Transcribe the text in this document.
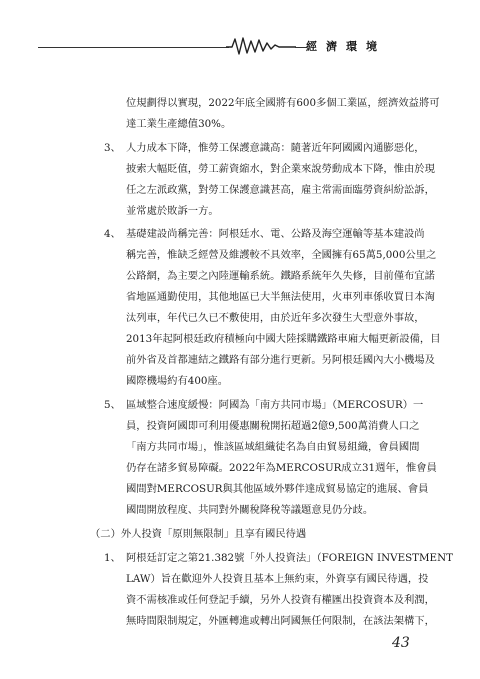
經濟環境
位規劃得以實現，2022年底全國將有600多個工業區，經濟效益將可
達工業生產總值30%。
3、 人力成本下降，惟勞工保護意識高：隨著近年阿國國內通膨惡化，
披索大幅貶值，勞工薪資縮水，對企業來說勞動成本下降，惟由於現
任之左派政黨，對勞工保護意識甚高，雇主常需面臨勞資糾紛訟訴，
並常處於敗訴一方。
4、 基礎建設尚稱完善：阿根廷水、電、公路及海空運輸等基本建設尚
稱完善，惟缺乏經營及維護較不具效率，全國擁有65萬5,000公里之
公路網，為主要之內陸運輸系統。鐵路系統年久失修，目前僅布宜諾
省地區通勤使用，其他地區已大半無法使用，火車列車係收買日本淘
汰列車，年代已久已不敷使用，由於近年多次發生大型意外事故，
2013年起阿根廷政府積極向中國大陸採購鐵路車廂大幅更新設備，目
前外省及首都連結之鐵路有部分進行更新。另阿根廷國內大小機場及
國際機場約有400座。
5、 區域整合速度緩慢：阿國為「南方共同市場」（MERCOSUR）一
員，投資阿國即可利用優惠關稅開拓超過2億9,500萬消費人口之
「南方共同市場」，惟該區域組織徒名為自由貿易組織，會員國間
仍存在諸多貿易障礙。2022年為MERCOSUR成立31週年，惟會員
國間對MERCOSUR與其他區域外夥伴達成貿易協定的進展、會員
國間開放程度、共同對外關稅降稅等議題意見仍分歧。
（二）外人投資「原則無限制」且享有國民待遇
1、 阿根廷訂定之第21.382號「外人投資法」（FOREIGN INVESTMENT
LAW）旨在歡迎外人投資且基本上無約束，外資享有國民待遇，投
資不需核准或任何登記手續，另外人投資有權匯出投資資本及利潤，
無時間限制規定，外匯轉進或轉出阿國無任何限制，在該法架構下，
43
